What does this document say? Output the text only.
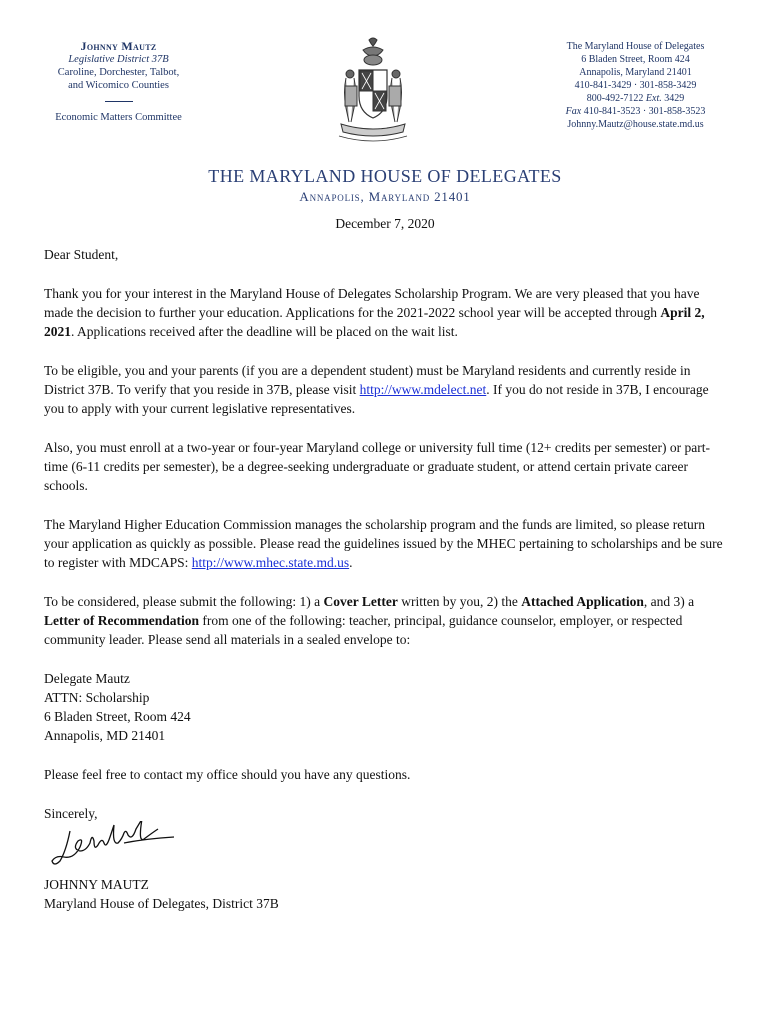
Johnny Mautz
Legislative District 37B
Caroline, Dorchester, Talbot,
and Wicomico Counties
Economic Matters Committee
The Maryland House of Delegates
6 Bladen Street, Room 424
Annapolis, Maryland 21401
410-841-3429 · 301-858-3429
800-492-7122 Ext. 3429
Fax 410-841-3523 · 301-858-3523
Johnny.Mautz@house.state.md.us
THE MARYLAND HOUSE OF DELEGATES
Annapolis, Maryland 21401
December 7, 2020

Dear Student,

Thank you for your interest in the Maryland House of Delegates Scholarship Program. We are very pleased that you have made the decision to further your education. Applications for the 2021-2022 school year will be accepted through April 2, 2021. Applications received after the deadline will be placed on the wait list.

To be eligible, you and your parents (if you are a dependent student) must be Maryland residents and currently reside in District 37B. To verify that you reside in 37B, please visit http://www.mdelect.net. If you do not reside in 37B, I encourage you to apply with your current legislative representatives.

Also, you must enroll at a two-year or four-year Maryland college or university full time (12+ credits per semester) or part-time (6-11 credits per semester), be a degree-seeking undergraduate or graduate student, or attend certain private career schools.

The Maryland Higher Education Commission manages the scholarship program and the funds are limited, so please return your application as quickly as possible. Please read the guidelines issued by the MHEC pertaining to scholarships and be sure to register with MDCAPS: http://www.mhec.state.md.us.

To be considered, please submit the following: 1) a Cover Letter written by you, 2) the Attached Application, and 3) a Letter of Recommendation from one of the following: teacher, principal, guidance counselor, employer, or respected community leader. Please send all materials in a sealed envelope to:

Delegate Mautz
ATTN: Scholarship
6 Bladen Street, Room 424
Annapolis, MD 21401

Please feel free to contact my office should you have any questions.

Sincerely,
JOHNNY MAUTZ
Maryland House of Delegates, District 37B
